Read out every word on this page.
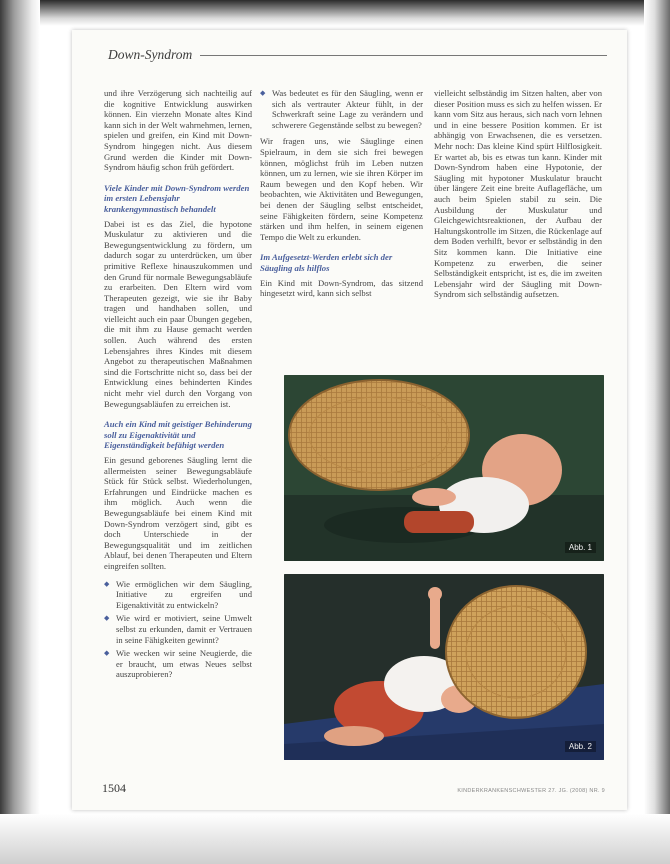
Down-Syndrom

und ihre Verzögerung sich nachteilig auf die kognitive Entwicklung auswirken können. Ein vierzehn Monate altes Kind kann sich in der Welt wahrnehmen, lernen, spielen und greifen, ein Kind mit Down-Syndrom hingegen nicht. Aus diesem Grund werden die Kinder mit Down-Syndrom häufig schon früh gefördert.

Viele Kinder mit Down-Syndrom werden im ersten Lebensjahr krankengymnastisch behandelt

Dabei ist es das Ziel, die hypotone Muskulatur zu aktivieren und die Bewegungsentwicklung zu fördern, um dadurch sogar zu unterdrücken, um über primitive Reflexe hinauszukommen und den Grund für normale Bewegungsabläufe zu erarbeiten. Den Eltern wird vom Therapeuten gezeigt, wie sie ihr Baby tragen und handhaben sollen, und vielleicht auch ein paar Übungen gegeben, die mit ihm zu Hause gemacht werden sollen. Auch während des ersten Lebensjahres ihres Kindes mit diesem Angebot zu therapeutischen Maßnahmen sind die Fortschritte nicht so, dass bei der Entwicklung eines behinderten Kindes nicht mehr viel durch den Vorgang von Bewegungsabläufen zu erreichen ist.

Auch ein Kind mit geistiger Behinderung soll zu Eigenaktivität und Eigenständigkeit befähigt werden

Ein gesund geborenes Säugling lernt die allermeisten seiner Bewegungsabläufe Stück für Stück selbst. Wiederholungen, Erfahrungen und Eindrücke machen es ihm möglich. Auch wenn die Bewegungsabläufe bei einem Kind mit Down-Syndrom verzögert sind, gibt es doch Unterschiede in der Bewegungsqualität und im zeitlichen Ablauf, bei denen Therapeuten und Eltern eingreifen sollten.

◆ Wie ermöglichen wir dem Säugling, Initiative zu ergreifen und Eigenaktivität zu entwickeln?
◆ Wie wird er motiviert, seine Umwelt selbst zu erkunden, damit er Vertrauen in seine Fähigkeiten gewinnt?
◆ Wie wecken wir seine Neugierde, die er braucht, um etwas Neues selbst auszuprobieren?
◆ Was bedeutet es für den Säugling, wenn er sich als vertrauter Akteur fühlt, in der Schwerkraft seine Lage zu verändern und schwerere Gegenstände selbst zu bewegen?

Wir fragen uns, wie Säuglinge einen Spielraum, in dem sie sich frei bewegen können, möglichst früh im Leben nutzen können, um zu lernen, wie sie ihren Körper im Raum bewegen und den Kopf heben. Wir beobachten, wie Aktivitäten und Bewegungen, bei denen der Säugling selbst entscheidet, seine Fähigkeiten fördern, seine Kompetenz stärken und ihm helfen, in seinem eigenen Tempo die Welt zu erkunden.

Im Aufgesetzt-Werden erlebt sich der Säugling als hilflos

Ein Kind mit Down-Syndrom, das sitzend hingesetzt wird, kann sich selbst

vielleicht selbständig im Sitzen halten, aber von dieser Position muss es sich zu helfen wissen. Er kann vom Sitz aus heraus, sich nach vorn lehnen und in eine bessere Position kommen. Er ist abhängig von Erwachsenen, die es versetzen. Mehr noch: Das kleine Kind spürt Hilflosigkeit. Er wartet ab, bis es etwas tun kann. Kinder mit Down-Syndrom haben eine Hypotonie, der Säugling mit hypotoner Muskulatur braucht über längere Zeit eine breite Auflagefläche, um auch beim Spielen stabil zu sein. Die Ausbildung der Muskulatur und Gleichgewichtsreaktionen, der Aufbau der Haltungskontrolle im Sitzen, die Rückenlage auf dem Boden verhilft, bevor er selbständig in den Sitz kommen kann. Die Initiative eine Kompetenz zu erwerben, die seiner Selbständigkeit entspricht, ist es, die im zweiten Lebensjahr wird der Säugling mit Down-Syndrom sich selbständig aufsetzen.

Abb. 1
Abb. 2
1504	KINDERKRANKENSCHWESTER 27. JG. (2008) NR. 9
